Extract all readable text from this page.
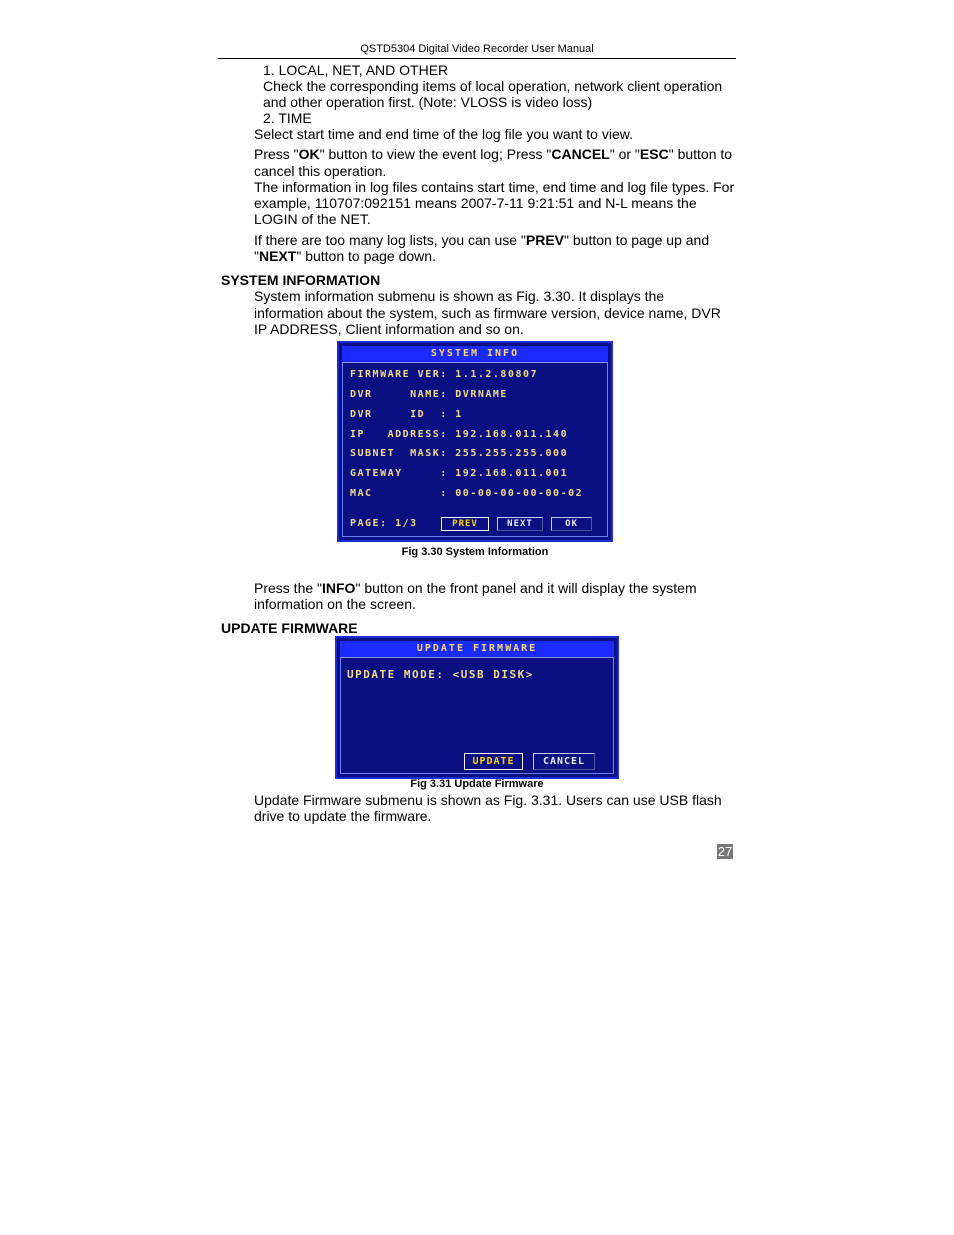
QSTD5304 Digital Video Recorder User Manual

1. LOCAL, NET, AND OTHER

Check the corresponding items of local operation, network client operation

and other operation first. (Note: VLOSS is video loss)

2. TIME

Select start time and end time of the log file you want to view.

Press "OK" button to view the event log; Press "CANCEL" or "ESC" button to

cancel this operation.

The information in log files contains start time, end time and log file types. For

example, 110707:092151 means 2007-7-11 9:21:51 and N-L means the

LOGIN of the NET.

If there are too many log lists, you can use "PREV" button to page up and

"NEXT" button to page down.

SYSTEM INFORMATION

System information submenu is shown as Fig. 3.30. It displays the

information about the system, such as firmware version, device name, DVR

IP ADDRESS, Client information and so on.

SYSTEM INFO
FIRMWARE VER: 1.1.2.80807
DVR     NAME: DVRNAME
DVR     ID  : 1
IP   ADDRESS: 192.168.011.140
SUBNET  MASK: 255.255.255.000
GATEWAY     : 192.168.011.001
MAC         : 00-00-00-00-00-02
PAGE: 1/3	PREV	NEXT	OK
Fig 3.30 System Information

Press the "INFO" button on the front panel and it will display the system

information on the screen.

UPDATE FIRMWARE

UPDATE FIRMWARE
UPDATE MODE: <USB DISK>
UPDATE	CANCEL
Fig 3.31 Update Firmware

Update Firmware submenu is shown as Fig. 3.31. Users can use USB flash

drive to update the firmware.

27
